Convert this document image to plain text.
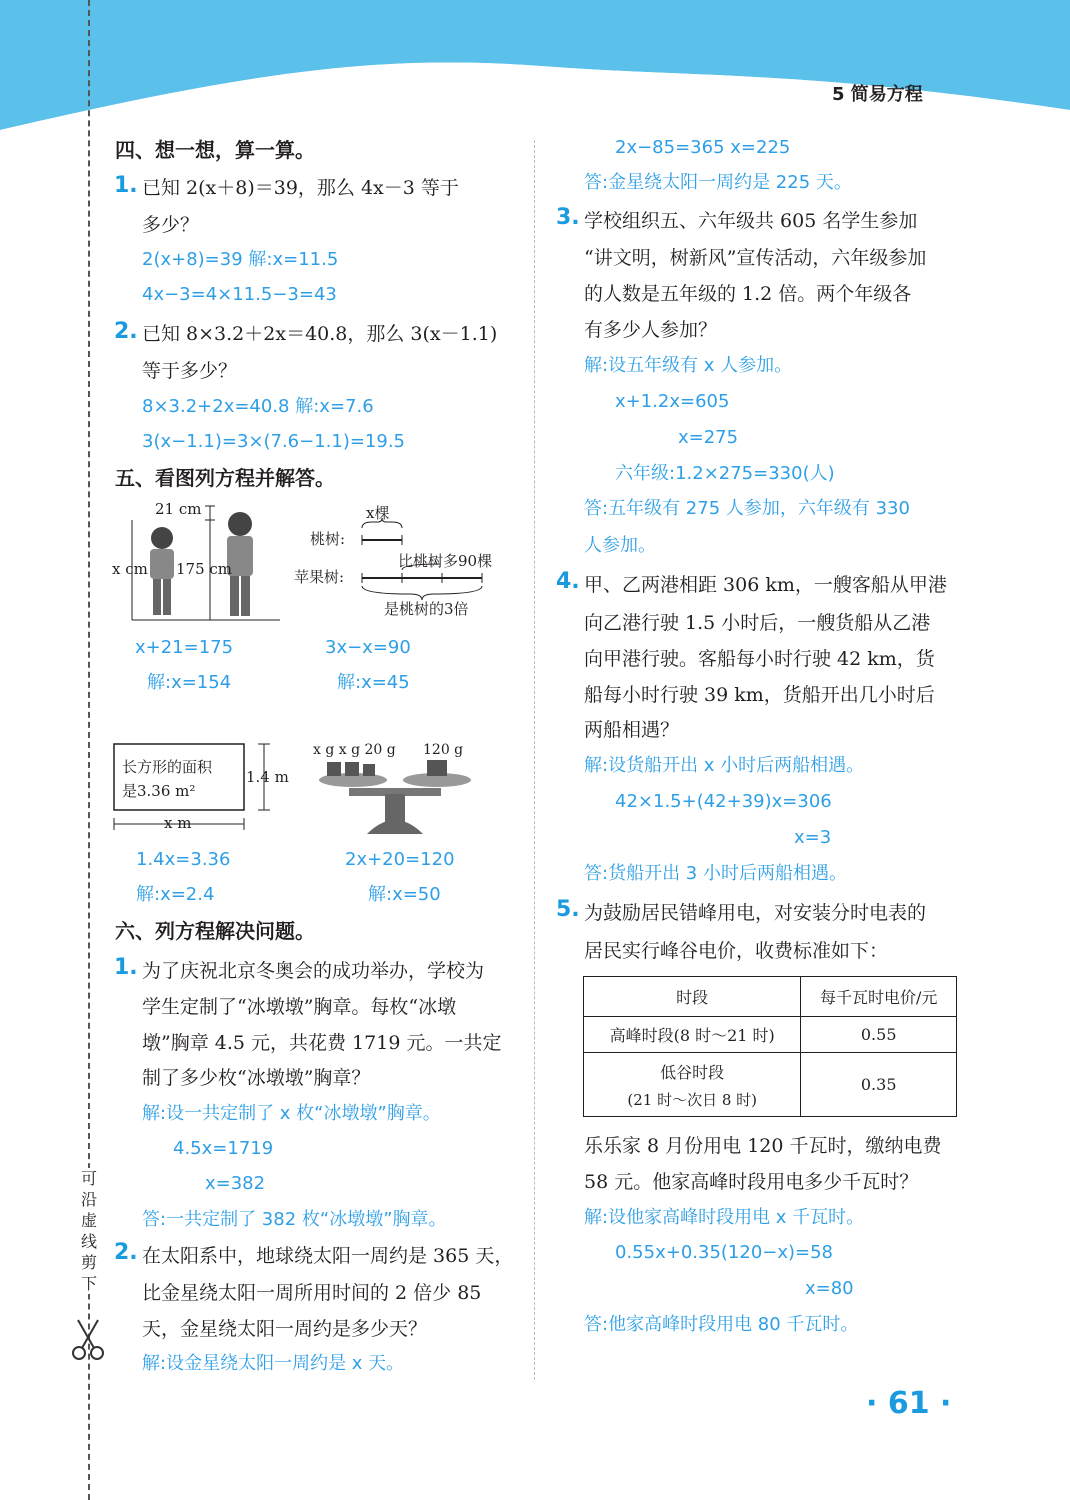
5 简易方程
可
沿
虚
线
剪
下
四、想一想，算一算。
1. 已知 2(x＋8)＝39，那么 4x－3 等于
多少？
2(x+8)=39 解:x=11.5
4x−3=4×11.5−3=43
2. 已知 8×3.2＋2x＝40.8，那么 3(x－1.1)
等于多少？
8×3.2+2x=40.8 解:x=7.6
3(x−1.1)=3×(7.6−1.1)=19.5
五、看图列方程并解答。
21 cm
x cm 175 cm
x棵
桃树:
比桃树多90棵
苹果树:
是桃树的3倍
x+21=175
解:x=154
3x−x=90
解:x=45
长方形的面积
是3.36 m²
1.4 m
x m
x g x g 20 g 120 g
1.4x=3.36
解:x=2.4
2x+20=120
解:x=50
六、列方程解决问题。
1. 为了庆祝北京冬奥会的成功举办，学校为
学生定制了“冰墩墩”胸章。每枚“冰墩
墩”胸章 4.5 元，共花费 1719 元。一共定
制了多少枚“冰墩墩”胸章？
解:设一共定制了 x 枚“冰墩墩”胸章。
4.5x=1719
x=382
答:一共定制了 382 枚“冰墩墩”胸章。
2. 在太阳系中，地球绕太阳一周约是 365 天，
比金星绕太阳一周所用时间的 2 倍少 85
天，金星绕太阳一周约是多少天？
解:设金星绕太阳一周约是 x 天。
2x−85=365 x=225
答:金星绕太阳一周约是 225 天。
3. 学校组织五、六年级共 605 名学生参加
“讲文明，树新风”宣传活动，六年级参加
的人数是五年级的 1.2 倍。两个年级各
有多少人参加？
解:设五年级有 x 人参加。
x+1.2x=605
x=275
六年级:1.2×275=330(人)
答:五年级有 275 人参加，六年级有 330
人参加。
4. 甲、乙两港相距 306 km，一艘客船从甲港
向乙港行驶 1.5 小时后，一艘货船从乙港
向甲港行驶。客船每小时行驶 42 km，货
船每小时行驶 39 km，货船开出几小时后
两船相遇？
解:设货船开出 x 小时后两船相遇。
42×1.5+(42+39)x=306
x=3
答:货船开出 3 小时后两船相遇。
5. 为鼓励居民错峰用电，对安装分时电表的
居民实行峰谷电价，收费标准如下：
时段	每千瓦时电价/元
高峰时段(8 时～21 时)	0.55

低谷时段
(21 时～次日 8 时)	0.35
乐乐家 8 月份用电 120 千瓦时，缴纳电费
58 元。他家高峰时段用电多少千瓦时？
解:设他家高峰时段用电 x 千瓦时。
0.55x+0.35(120−x)=58
x=80
答:他家高峰时段用电 80 千瓦时。
· 61 ·
